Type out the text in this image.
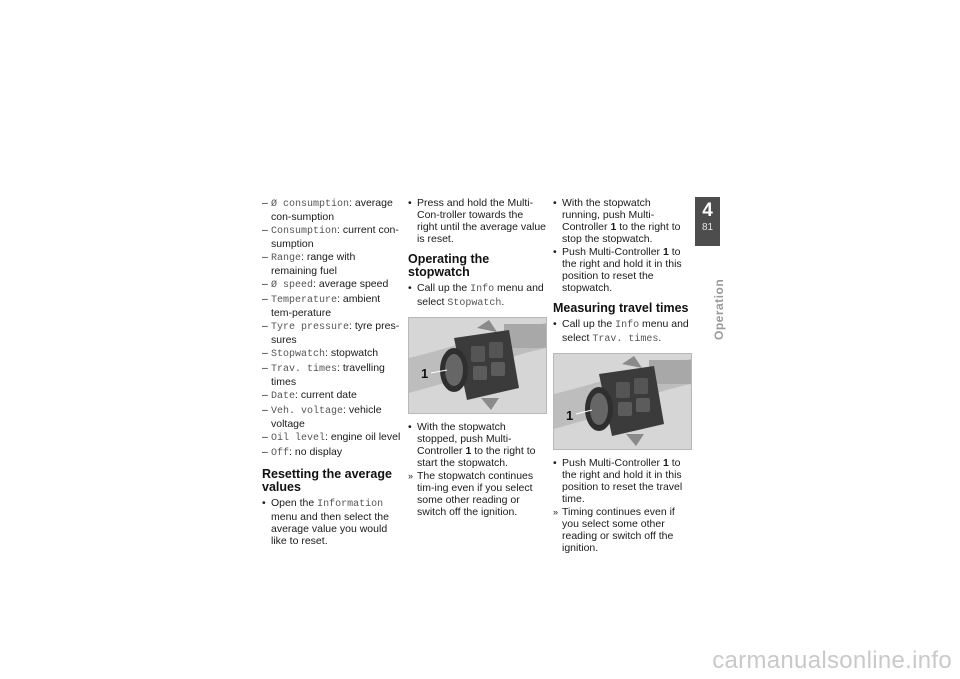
– Ø consumption: average con-sumption
– Consumption: current con-sumption
– Range: range with remaining fuel
– Ø speed: average speed
– Temperature: ambient tem-perature
– Tyre pressure: tyre pres-sures
– Stopwatch: stopwatch
– Trav. times: travelling times
– Date: current date
– Veh. voltage: vehicle voltage
– Oil level: engine oil level
– Off: no display
Resetting the average values
• Open the Information menu and then select the average value you would like to reset.
• Press and hold the Multi-Con-troller towards the right until the average value is reset.
Operating the stopwatch
• Call up the Info menu and select Stopwatch.
1
• With the stopwatch stopped, push Multi-Controller 1 to the right to start the stopwatch.
» The stopwatch continues tim-ing even if you select some other reading or switch off the ignition.
• With the stopwatch running, push Multi-Controller 1 to the right to stop the stopwatch.
• Push Multi-Controller 1 to the right and hold it in this position to reset the stopwatch.
Measuring travel times
• Call up the Info menu and select Trav. times.
1
• Push Multi-Controller 1 to the right and hold it in this position to reset the travel time.
» Timing continues even if you select some other reading or switch off the ignition.
4
81
Operation
carmanualsonline.info
